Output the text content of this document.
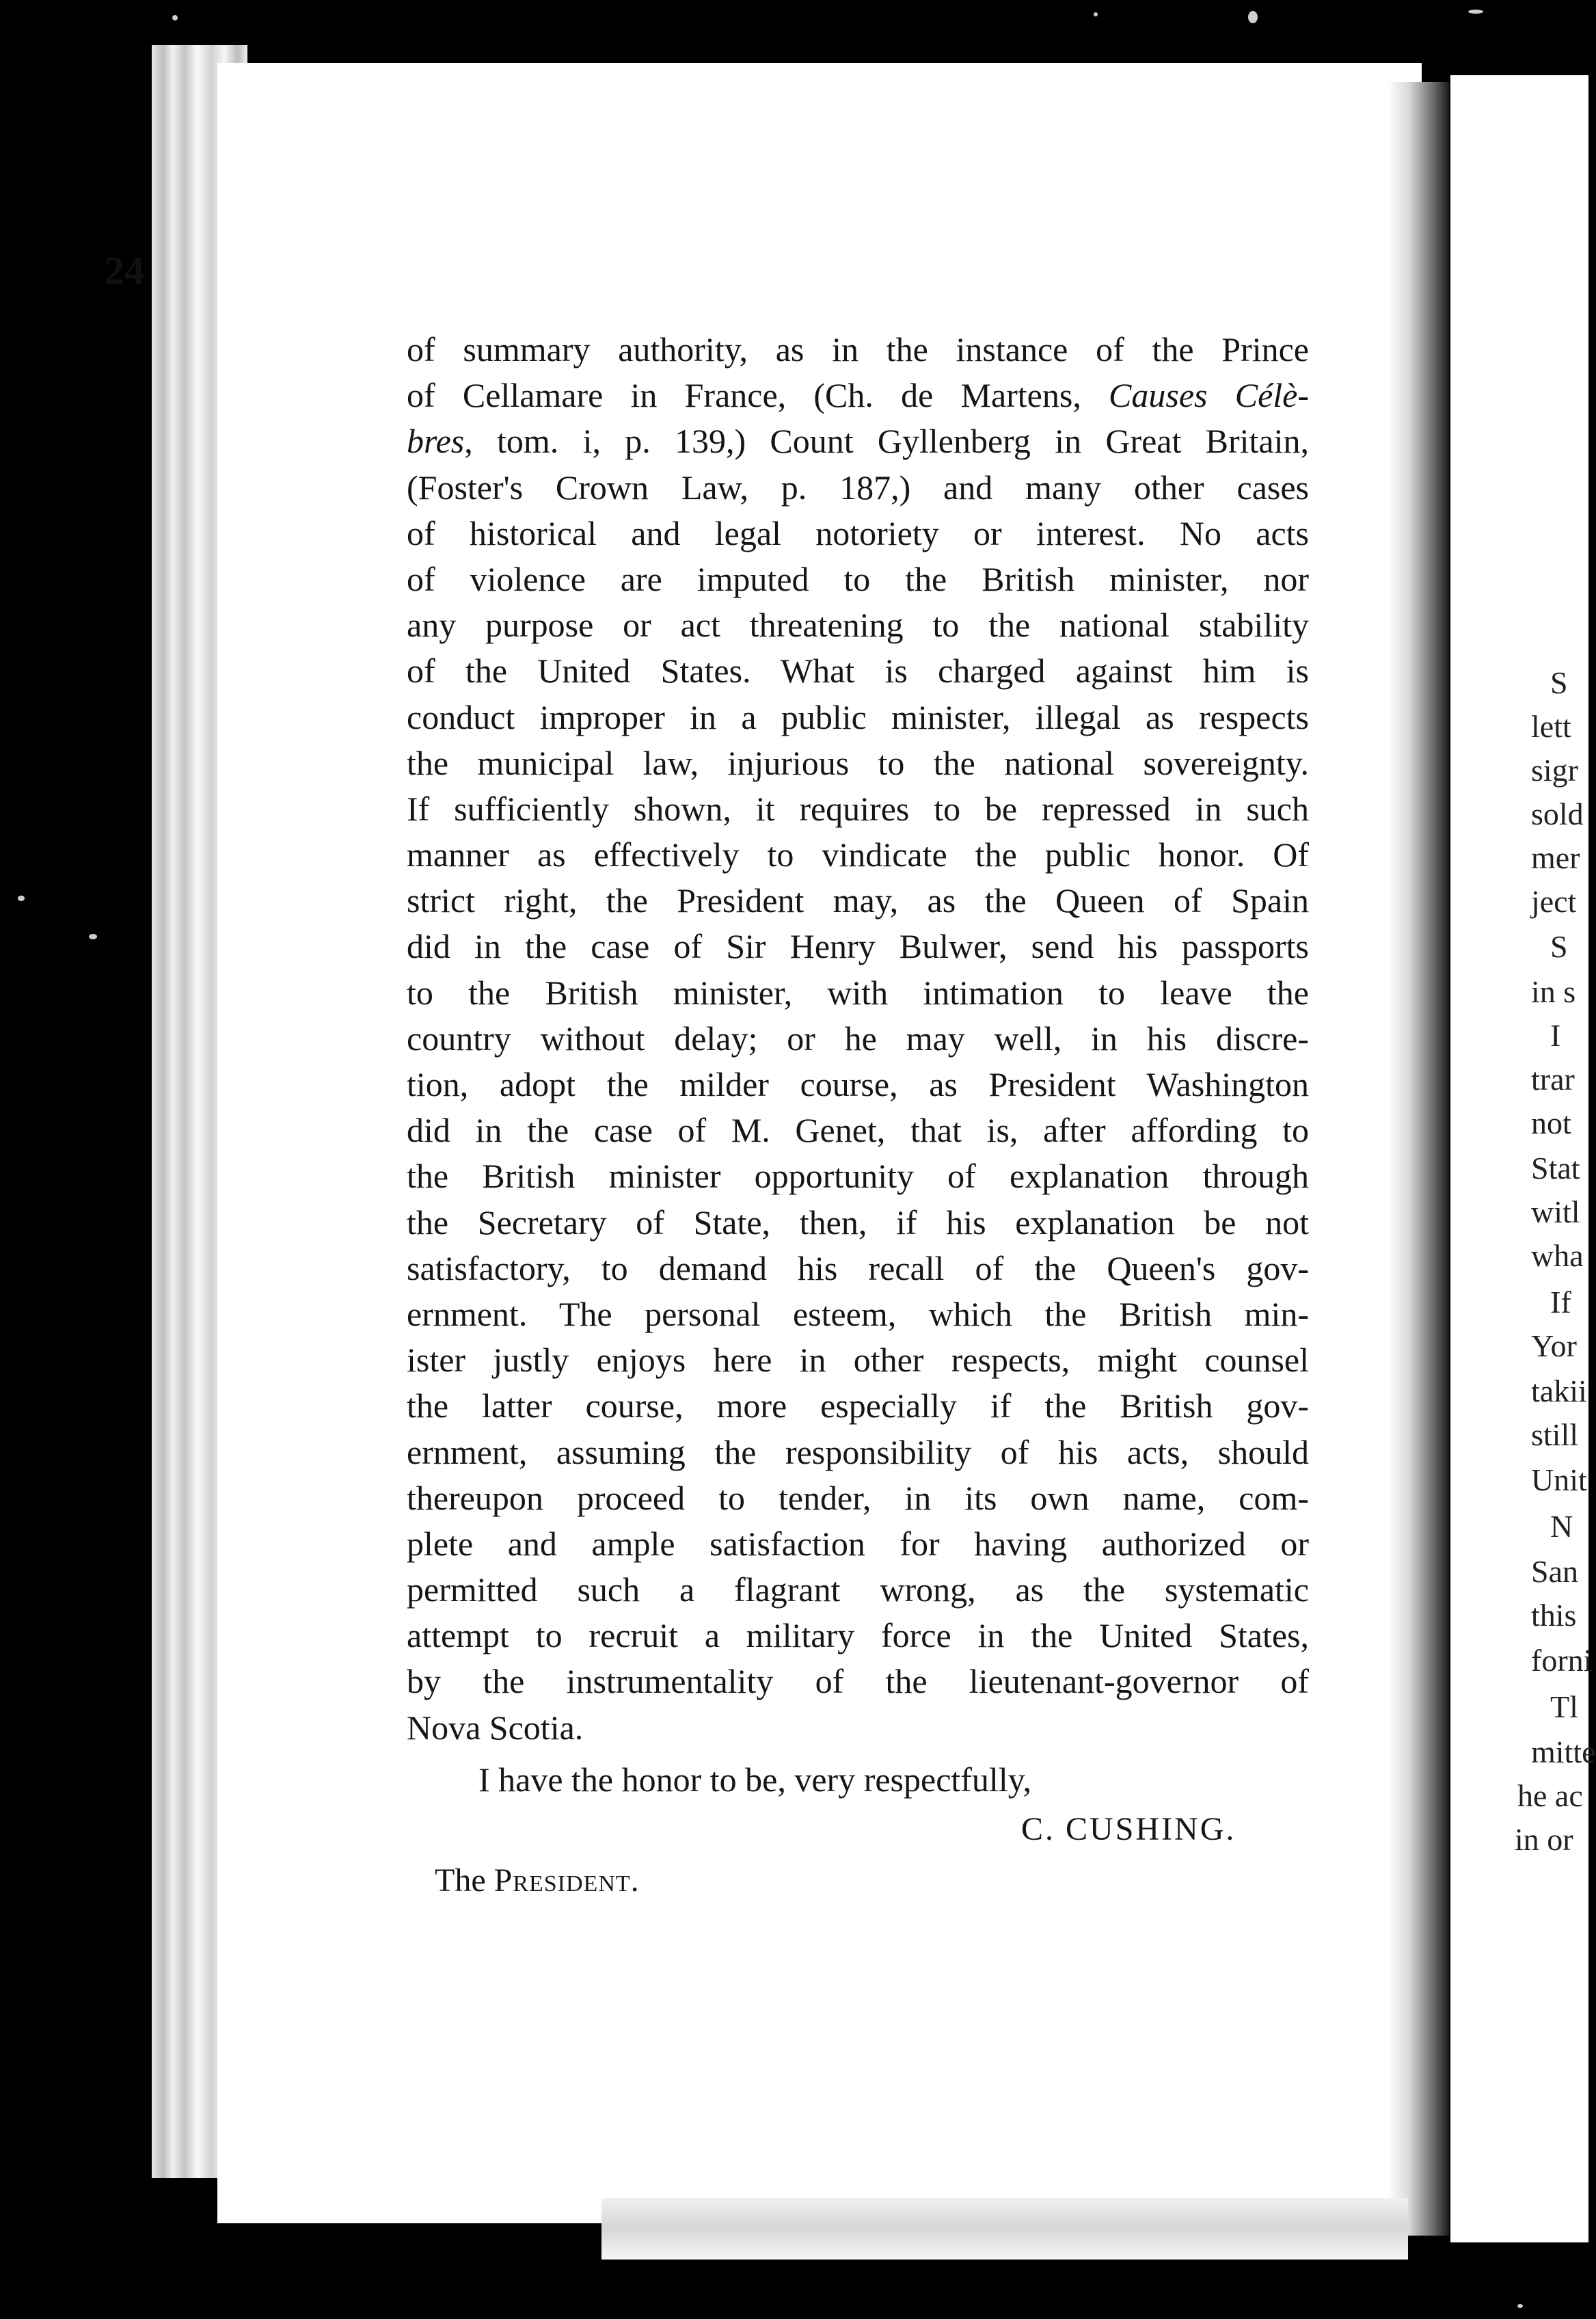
24
of summary authority, as in the instance of the Prince
of Cellamare in France, (Ch. de Martens, Causes Célè-
bres, tom. i, p. 139,) Count Gyllenberg in Great Britain,
(Foster's Crown Law, p. 187,) and many other cases
of historical and legal notoriety or interest. No acts
of violence are imputed to the British minister, nor
any purpose or act threatening to the national stability
of the United States. What is charged against him is
conduct improper in a public minister, illegal as respects
the municipal law, injurious to the national sovereignty.
If sufficiently shown, it requires to be repressed in such
manner as effectively to vindicate the public honor. Of
strict right, the President may, as the Queen of Spain
did in the case of Sir Henry Bulwer, send his passports
to the British minister, with intimation to leave the
country without delay; or he may well, in his discre-
tion, adopt the milder course, as President Washington
did in the case of M. Genet, that is, after affording to
the British minister opportunity of explanation through
the Secretary of State, then, if his explanation be not
satisfactory, to demand his recall of the Queen's gov-
ernment. The personal esteem, which the British min-
ister justly enjoys here in other respects, might counsel
the latter course, more especially if the British gov-
ernment, assuming the responsibility of his acts, should
thereupon proceed to tender, in its own name, com-
plete and ample satisfaction for having authorized or
permitted such a flagrant wrong, as the systematic
attempt to recruit a military force in the United States,
by the instrumentality of the lieutenant-governor of
Nova Scotia.
I have the honor to be, very respectfully,
C. CUSHING.
The President.
S
lett
sigr
sold
mer
ject
S
in s
I
trar
not
Stat
witl
wha
If
Yor
takii
still
Unit
N
San
this
forni
Tl
mitte
he ac
in or
